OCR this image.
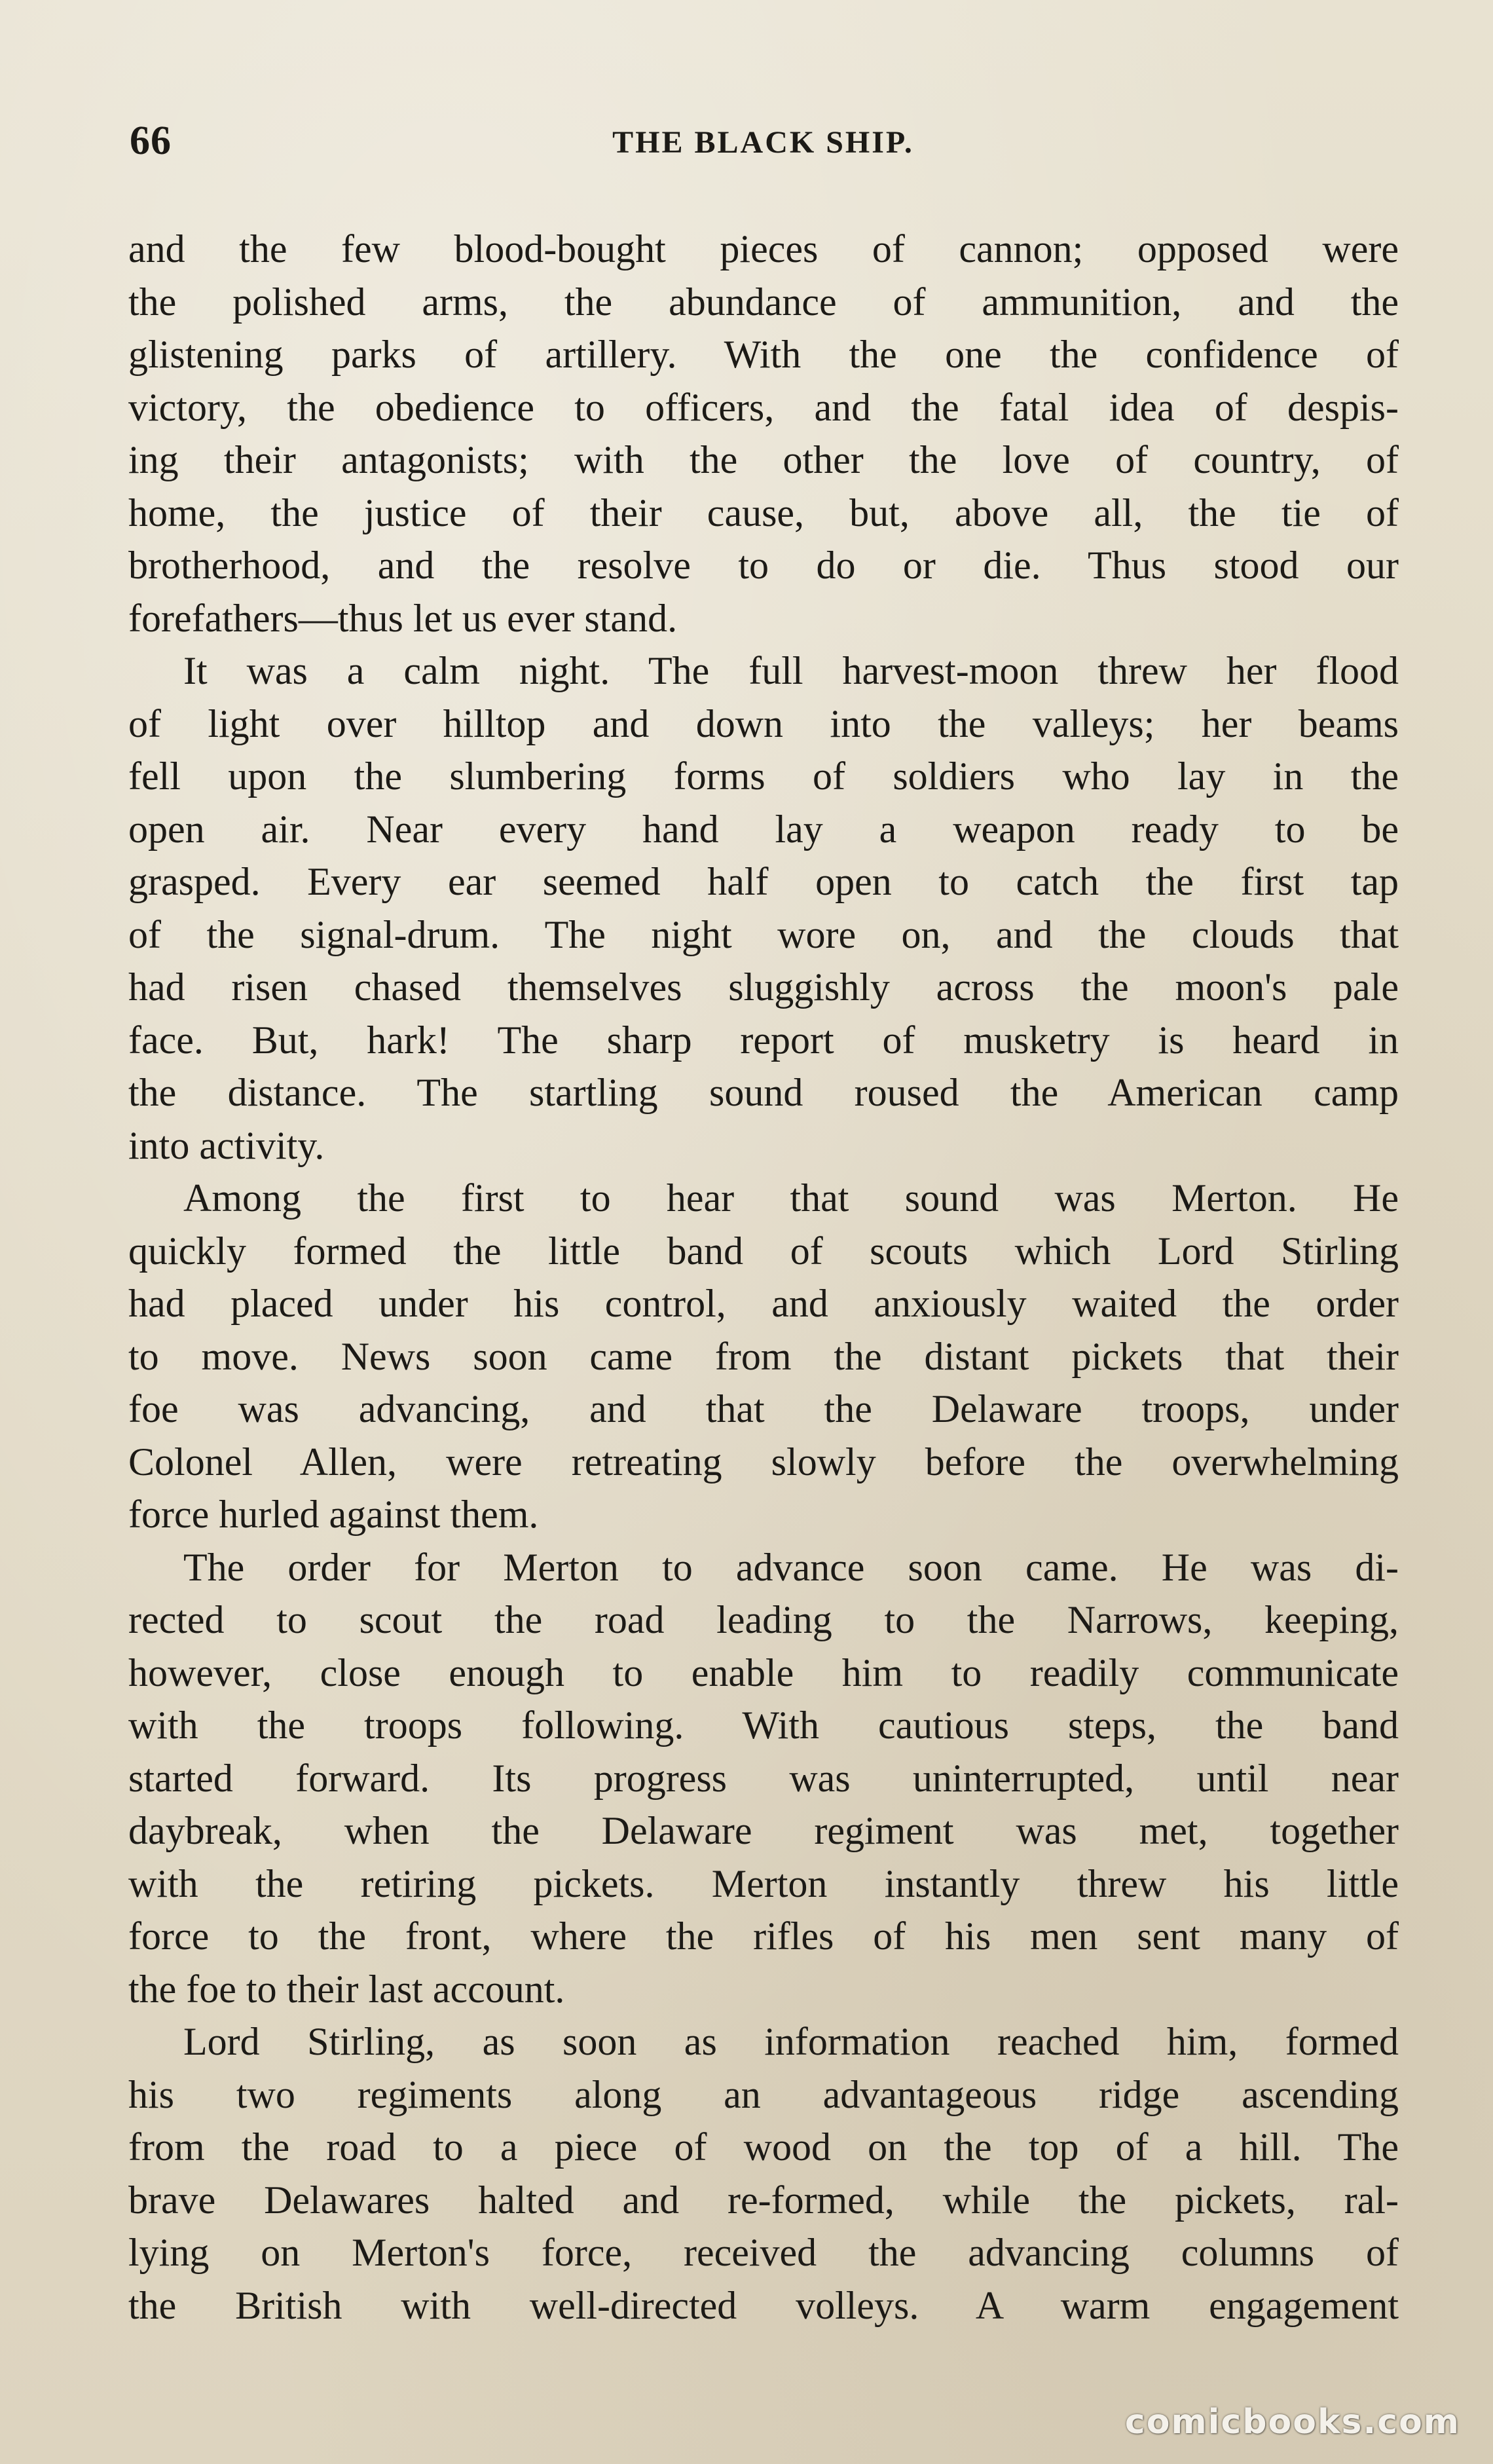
66	THE BLACK SHIP.
and the few blood-bought pieces of cannon; opposed were
the polished arms, the abundance of ammunition, and the
glistening parks of artillery. With the one the confidence of
victory, the obedience to officers, and the fatal idea of despis-
ing their antagonists; with the other the love of country, of
home, the justice of their cause, but, above all, the tie of
brotherhood, and the resolve to do or die. Thus stood our
forefathers—thus let us ever stand.
It was a calm night. The full harvest-moon threw her flood
of light over hilltop and down into the valleys; her beams
fell upon the slumbering forms of soldiers who lay in the
open air. Near every hand lay a weapon ready to be
grasped. Every ear seemed half open to catch the first tap
of the signal-drum. The night wore on, and the clouds that
had risen chased themselves sluggishly across the moon's pale
face. But, hark! The sharp report of musketry is heard in
the distance. The startling sound roused the American camp
into activity.
Among the first to hear that sound was Merton. He
quickly formed the little band of scouts which Lord Stirling
had placed under his control, and anxiously waited the order
to move. News soon came from the distant pickets that their
foe was advancing, and that the Delaware troops, under
Colonel Allen, were retreating slowly before the overwhelming
force hurled against them.
The order for Merton to advance soon came. He was di-
rected to scout the road leading to the Narrows, keeping,
however, close enough to enable him to readily communicate
with the troops following. With cautious steps, the band
started forward. Its progress was uninterrupted, until near
daybreak, when the Delaware regiment was met, together
with the retiring pickets. Merton instantly threw his little
force to the front, where the rifles of his men sent many of
the foe to their last account.
Lord Stirling, as soon as information reached him, formed
his two regiments along an advantageous ridge ascending
from the road to a piece of wood on the top of a hill. The
brave Delawares halted and re-formed, while the pickets, ral-
lying on Merton's force, received the advancing columns of
the British with well-directed volleys. A warm engagement
comicbooks.com
